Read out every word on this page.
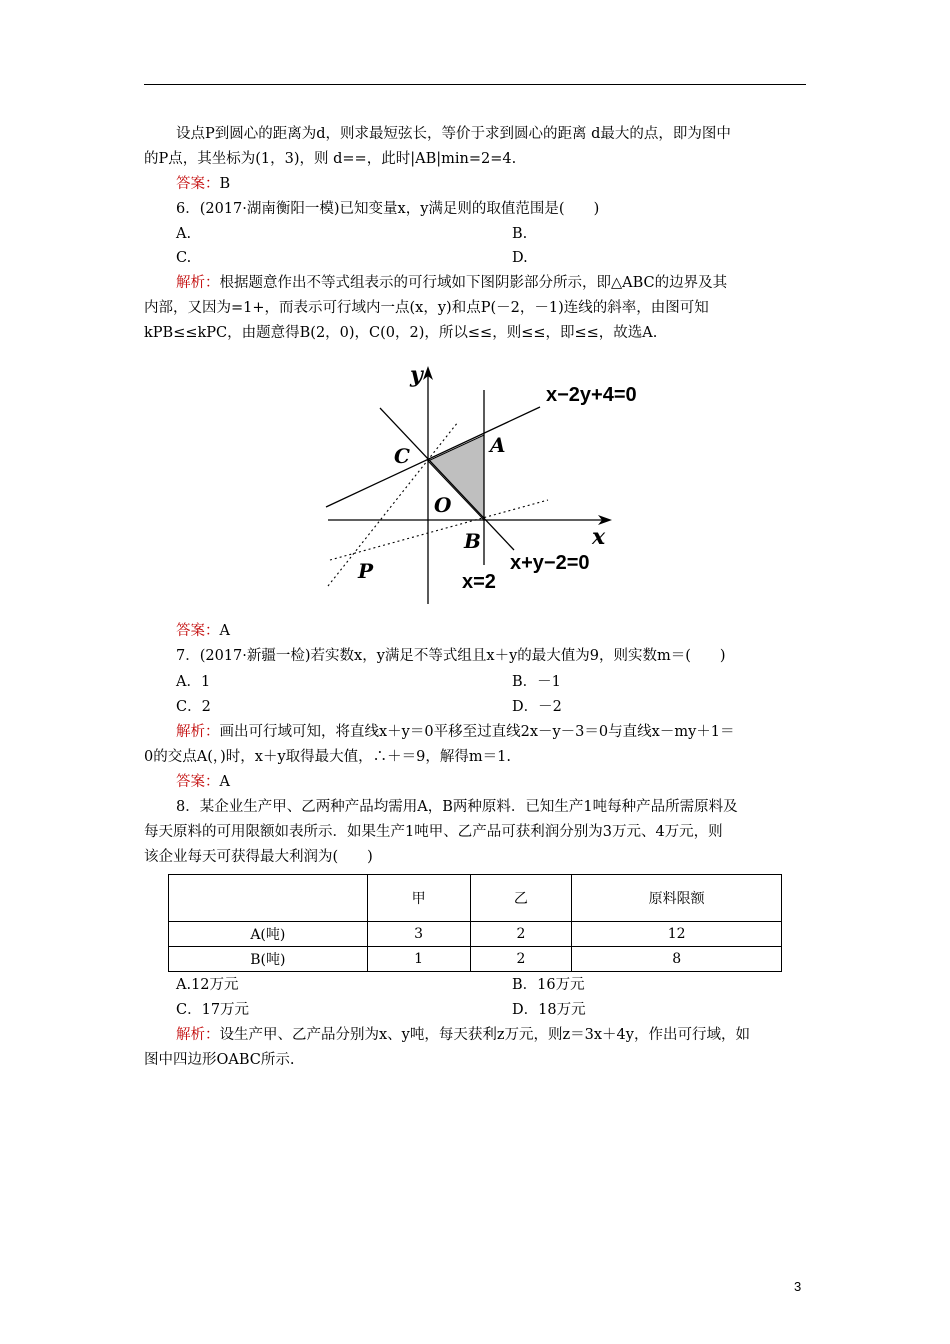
设点P到圆心的距离为d，则求最短弦长，等价于求到圆心的距离 d最大的点，即为图中
的P点，其坐标为(1，3)，则 d==，此时|AB|min=2=4.
答案：B
6．(2017·湖南衡阳一模)已知变量x，y满足则的取值范围是(　　)
A.	B.
C.	D.
解析：根据题意作出不等式组表示的可行域如下图阴影部分所示，即△ABC的边界及其
内部，又因为=1+，而表示可行域内一点(x，y)和点P(－2，－1)连线的斜率，由图可知
kPB≤≤kPC，由题意得B(2，0)，C(0，2)，所以≤≤，则≤≤，即≤≤，故选A.
y
x
x−2y+4=0
x+y−2=0
x=2
A
C
O
B
P
答案：A
7．(2017·新疆一检)若实数x，y满足不等式组且x＋y的最大值为9，则实数m＝(　　)
A．1	B．－1
C．2	D．－2
解析：画出可行域可知，将直线x＋y＝0平移至过直线2x－y－3＝0与直线x－my＋1＝
0的交点A(，)时，x＋y取得最大值，∴＋＝9，解得m＝1.
答案：A
8．某企业生产甲、乙两种产品均需用A，B两种原料．已知生产1吨每种产品所需原料及
每天原料的可用限额如表所示．如果生产1吨甲、乙产品可获利润分别为3万元、4万元，则
该企业每天可获得最大利润为(　　)
	甲	乙	原料限额
A(吨)	3	2	12
B(吨)	1	2	8
A.12万元	B．16万元
C．17万元	D．18万元
解析：设生产甲、乙产品分别为x、y吨，每天获利z万元，则z＝3x＋4y，作出可行域，如
图中四边形OABC所示.
3
